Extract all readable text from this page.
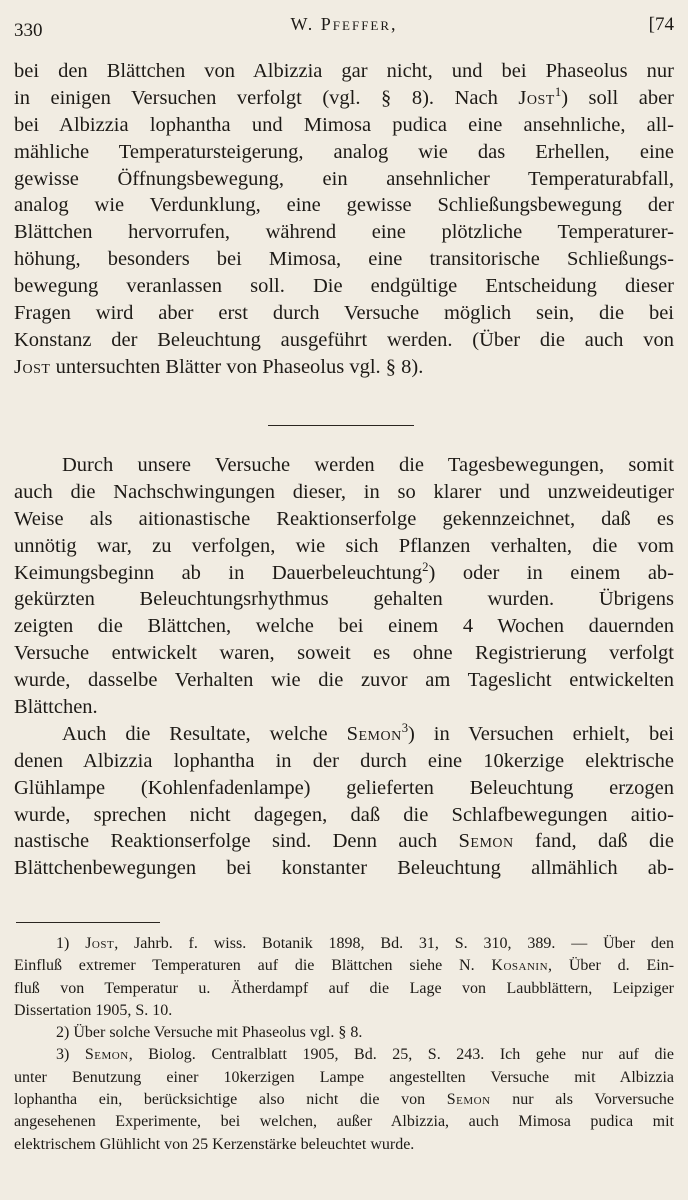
330	W. Pfeffer,	[74
bei den Blättchen von Albizzia gar nicht, und bei Phaseolus nur
in einigen Versuchen verfolgt (vgl. § 8). Nach Jost$^1$) soll aber
bei Albizzia lophantha und Mimosa pudica eine ansehnliche, all-
mähliche Temperatursteigerung, analog wie das Erhellen, eine
gewisse Öffnungsbewegung, ein ansehnlicher Temperaturabfall,
analog wie Verdunklung, eine gewisse Schließungsbewegung der
Blättchen hervorrufen, während eine plötzliche Temperaturer-
höhung, besonders bei Mimosa, eine transitorische Schließungs-
bewegung veranlassen soll. Die endgültige Entscheidung dieser
Fragen wird aber erst durch Versuche möglich sein, die bei
Konstanz der Beleuchtung ausgeführt werden. (Über die auch von
Jost untersuchten Blätter von Phaseolus vgl. § 8).
Durch unsere Versuche werden die Tagesbewegungen, somit
auch die Nachschwingungen dieser, in so klarer und unzweideutiger
Weise als aitionastische Reaktionserfolge gekennzeichnet, daß es
unnötig war, zu verfolgen, wie sich Pflanzen verhalten, die vom
Keimungsbeginn ab in Dauerbeleuchtung$^2$) oder in einem ab-
gekürzten Beleuchtungsrhythmus gehalten wurden. Übrigens
zeigten die Blättchen, welche bei einem 4 Wochen dauernden
Versuche entwickelt waren, soweit es ohne Registrierung verfolgt
wurde, dasselbe Verhalten wie die zuvor am Tageslicht entwickelten
Blättchen.
Auch die Resultate, welche Semon$^3$) in Versuchen erhielt, bei
denen Albizzia lophantha in der durch eine 10kerzige elektrische
Glühlampe (Kohlenfadenlampe) gelieferten Beleuchtung erzogen
wurde, sprechen nicht dagegen, daß die Schlafbewegungen aitio-
nastische Reaktionserfolge sind. Denn auch Semon fand, daß die
Blättchenbewegungen bei konstanter Beleuchtung allmählich ab-
1) Jost, Jahrb. f. wiss. Botanik 1898, Bd. 31, S. 310, 389. — Über den
Einfluß extremer Temperaturen auf die Blättchen siehe N. Kosanin, Über d. Ein-
fluß von Temperatur u. Ätherdampf auf die Lage von Laubblättern, Leipziger
Dissertation 1905, S. 10.
2) Über solche Versuche mit Phaseolus vgl. § 8.
3) Semon, Biolog. Centralblatt 1905, Bd. 25, S. 243. Ich gehe nur auf die
unter Benutzung einer 10kerzigen Lampe angestellten Versuche mit Albizzia
lophantha ein, berücksichtige also nicht die von Semon nur als Vorversuche
angesehenen Experimente, bei welchen, außer Albizzia, auch Mimosa pudica mit
elektrischem Glühlicht von 25 Kerzenstärke beleuchtet wurde.
